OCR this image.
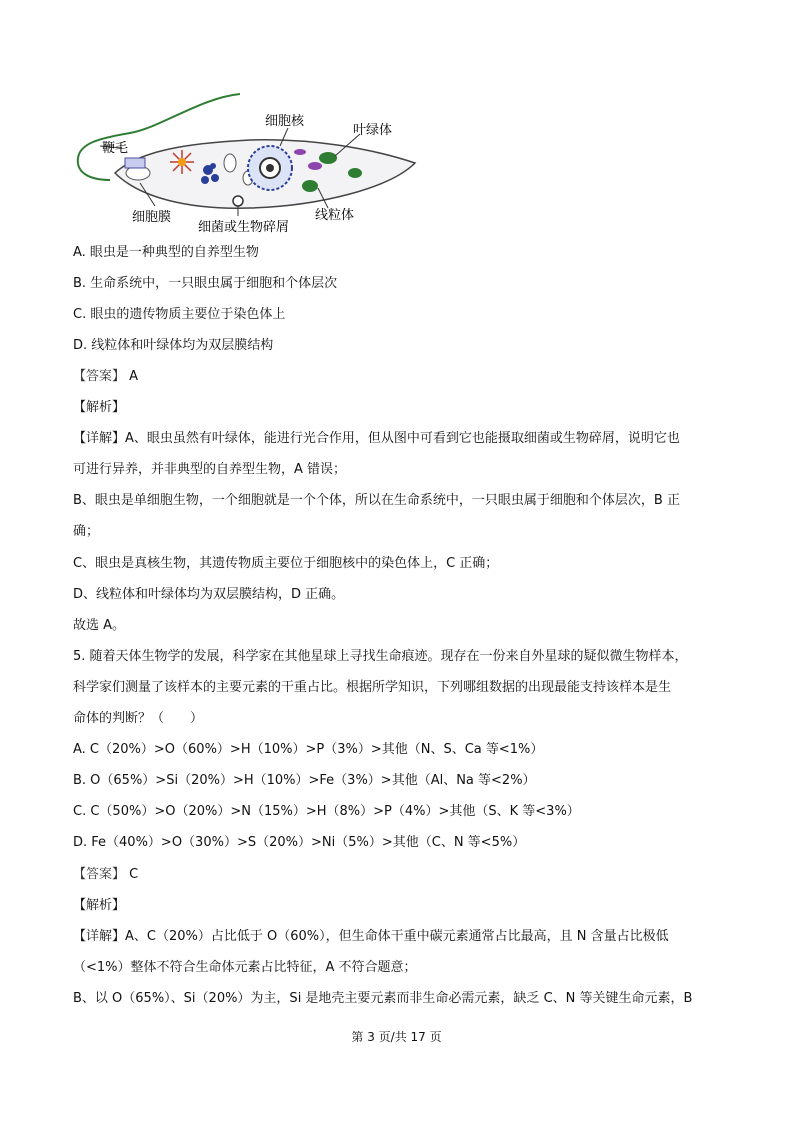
鞭毛
细胞核
叶绿体
细胞膜
细菌或生物碎屑
线粒体
A. 眼虫是一种典型的自养型生物
B. 生命系统中，一只眼虫属于细胞和个体层次
C. 眼虫的遗传物质主要位于染色体上
D. 线粒体和叶绿体均为双层膜结构
【答案】 A
【解析】
【详解】A、眼虫虽然有叶绿体，能进行光合作用，但从图中可看到它也能摄取细菌或生物碎屑，说明它也
可进行异养，并非典型的自养型生物，A 错误；
B、眼虫是单细胞生物，一个细胞就是一个个体，所以在生命系统中，一只眼虫属于细胞和个体层次，B 正
确；
C、眼虫是真核生物，其遗传物质主要位于细胞核中的染色体上，C 正确；
D、线粒体和叶绿体均为双层膜结构，D 正确。
故选 A。
5. 随着天体生物学的发展，科学家在其他星球上寻找生命痕迹。现存在一份来自外星球的疑似微生物样本，
科学家们测量了该样本的主要元素的干重占比。根据所学知识，下列哪组数据的出现最能支持该样本是生
命体的判断？（　　）
A. C（20%）>O（60%）>H（10%）>P（3%）>其他（N、S、Ca 等<1%）
B. O（65%）>Si（20%）>H（10%）>Fe（3%）>其他（Al、Na 等<2%）
C. C（50%）>O（20%）>N（15%）>H（8%）>P（4%）>其他（S、K 等<3%）
D. Fe（40%）>O（30%）>S（20%）>Ni（5%）>其他（C、N 等<5%）
【答案】 C
【解析】
【详解】A、C（20%）占比低于 O（60%），但生命体干重中碳元素通常占比最高，且 N 含量占比极低
（<1%）整体不符合生命体元素占比特征，A 不符合题意；
B、以 O（65%）、Si（20%）为主，Si 是地壳主要元素而非生命必需元素，缺乏 C、N 等关键生命元素，B
第 3 页/共 17 页
